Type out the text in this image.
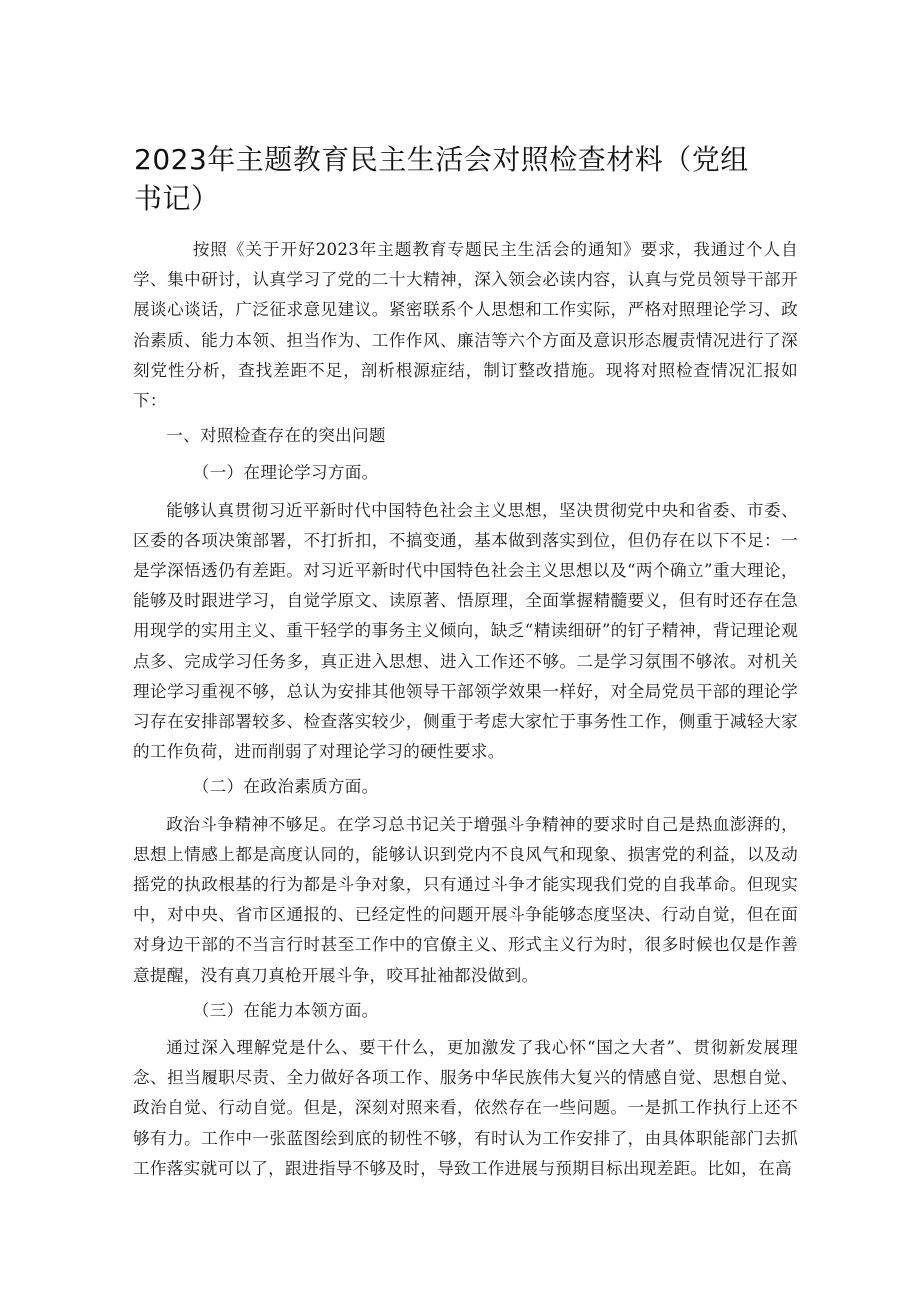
2023年主题教育民主生活会对照检查材料（党组书记）

按照《关于开好2023年主题教育专题民主生活会的通知》要求，我通过个人自学、集中研讨，认真学习了党的二十大精神，深入领会必读内容，认真与党员领导干部开展谈心谈话，广泛征求意见建议。紧密联系个人思想和工作实际，严格对照理论学习、政治素质、能力本领、担当作为、工作作风、廉洁等六个方面及意识形态履责情况进行了深刻党性分析，查找差距不足，剖析根源症结，制订整改措施。现将对照检查情况汇报如下：

一、对照检查存在的突出问题

（一）在理论学习方面。

能够认真贯彻习近平新时代中国特色社会主义思想，坚决贯彻党中央和省委、市委、区委的各项决策部署，不打折扣，不搞变通，基本做到落实到位，但仍存在以下不足：一是学深悟透仍有差距。对习近平新时代中国特色社会主义思想以及“两个确立”重大理论，能够及时跟进学习，自觉学原文、读原著、悟原理，全面掌握精髓要义，但有时还存在急用现学的实用主义、重干轻学的事务主义倾向，缺乏“精读细研”的钉子精神，背记理论观点多、完成学习任务多，真正进入思想、进入工作还不够。二是学习氛围不够浓。对机关理论学习重视不够，总认为安排其他领导干部领学效果一样好，对全局党员干部的理论学习存在安排部署较多、检查落实较少，侧重于考虑大家忙于事务性工作，侧重于减轻大家的工作负荷，进而削弱了对理论学习的硬性要求。

（二）在政治素质方面。

政治斗争精神不够足。在学习总书记关于增强斗争精神的要求时自己是热血澎湃的，思想上情感上都是高度认同的，能够认识到党内不良风气和现象、损害党的利益，以及动摇党的执政根基的行为都是斗争对象，只有通过斗争才能实现我们党的自我革命。但现实中，对中央、省市区通报的、已经定性的问题开展斗争能够态度坚决、行动自觉，但在面对身边干部的不当言行时甚至工作中的官僚主义、形式主义行为时，很多时候也仅是作善意提醒，没有真刀真枪开展斗争，咬耳扯袖都没做到。

（三）在能力本领方面。

通过深入理解党是什么、要干什么，更加激发了我心怀“国之大者”、贯彻新发展理念、担当履职尽责、全力做好各项工作、服务中华民族伟大复兴的情感自觉、思想自觉、政治自觉、行动自觉。但是，深刻对照来看，依然存在一些问题。一是抓工作执行上还不够有力。工作中一张蓝图绘到底的韧性不够，有时认为工作安排了，由具体职能部门去抓工作落实就可以了，跟进指导不够及时，导致工作进展与预期目标出现差距。比如，在高
